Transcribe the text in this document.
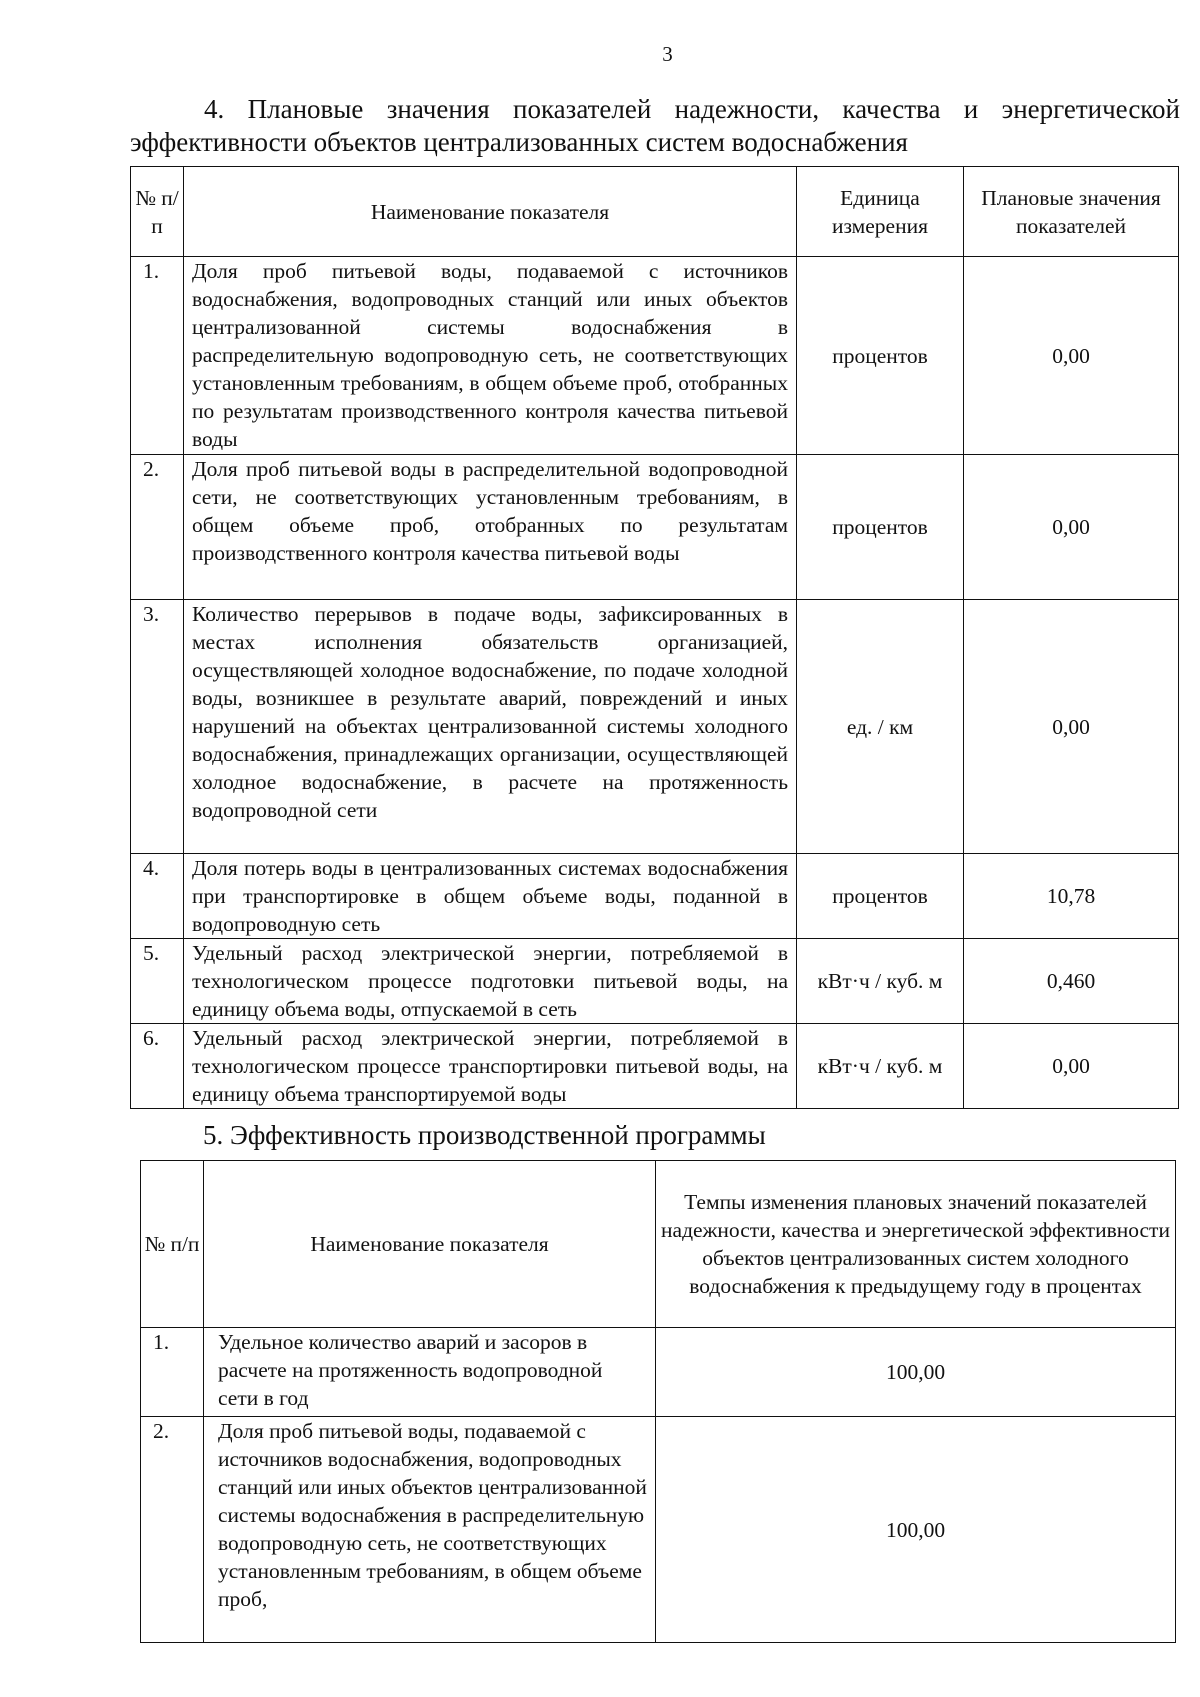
3
4. Плановые значения показателей надежности, качества и энергетической эффективности объектов централизованных систем водоснабжения
№ п/п	Наименование показателя	Единица измерения	Плановые значения показателей
1.	Доля проб питьевой воды, подаваемой с источников водоснабжения, водопроводных станций или иных объектов централизованной системы водоснабжения в распределительную водопроводную сеть, не соответствующих установленным требованиям, в общем объеме проб, отобранных по результатам производственного контроля качества питьевой воды	процентов	0,00
2.	Доля проб питьевой воды в распределительной водопроводной сети, не соответствующих установленным требованиям, в общем объеме проб, отобранных по результатам производственного контроля качества питьевой воды	процентов	0,00
3.	Количество перерывов в подаче воды, зафиксированных в местах исполнения обязательств организацией, осуществляющей холодное водоснабжение, по подаче холодной воды, возникшее в результате аварий, повреждений и иных нарушений на объектах централизованной системы холодного водоснабжения, принадлежащих организации, осуществляющей холодное водоснабжение, в расчете на протяженность водопроводной сети	ед. / км	0,00
4.	Доля потерь воды в централизованных системах водоснабжения при транспортировке в общем объеме воды, поданной в водопроводную сеть	процентов	10,78
5.	Удельный расход электрической энергии, потребляемой в технологическом процессе подготовки питьевой воды, на единицу объема воды, отпускаемой в сеть	кВт·ч / куб. м	0,460
6.	Удельный расход электрической энергии, потребляемой в технологическом процессе транспортировки питьевой воды, на единицу объема транспортируемой воды	кВт·ч / куб. м	0,00
5. Эффективность производственной программы
№ п/п	Наименование показателя	Темпы изменения плановых значений показателей надежности, качества и энергетической эффективности объектов централизованных систем холодного водоснабжения к предыдущему году в процентах
1.	Удельное количество аварий и засоров в расчете на протяженность водопроводной сети в год	100,00
2.	Доля проб питьевой воды, подаваемой с источников водоснабжения, водопроводных станций или иных объектов централизованной системы водоснабжения в распределительную водопроводную сеть, не соответствующих установленным требованиям, в общем объеме проб,	100,00
